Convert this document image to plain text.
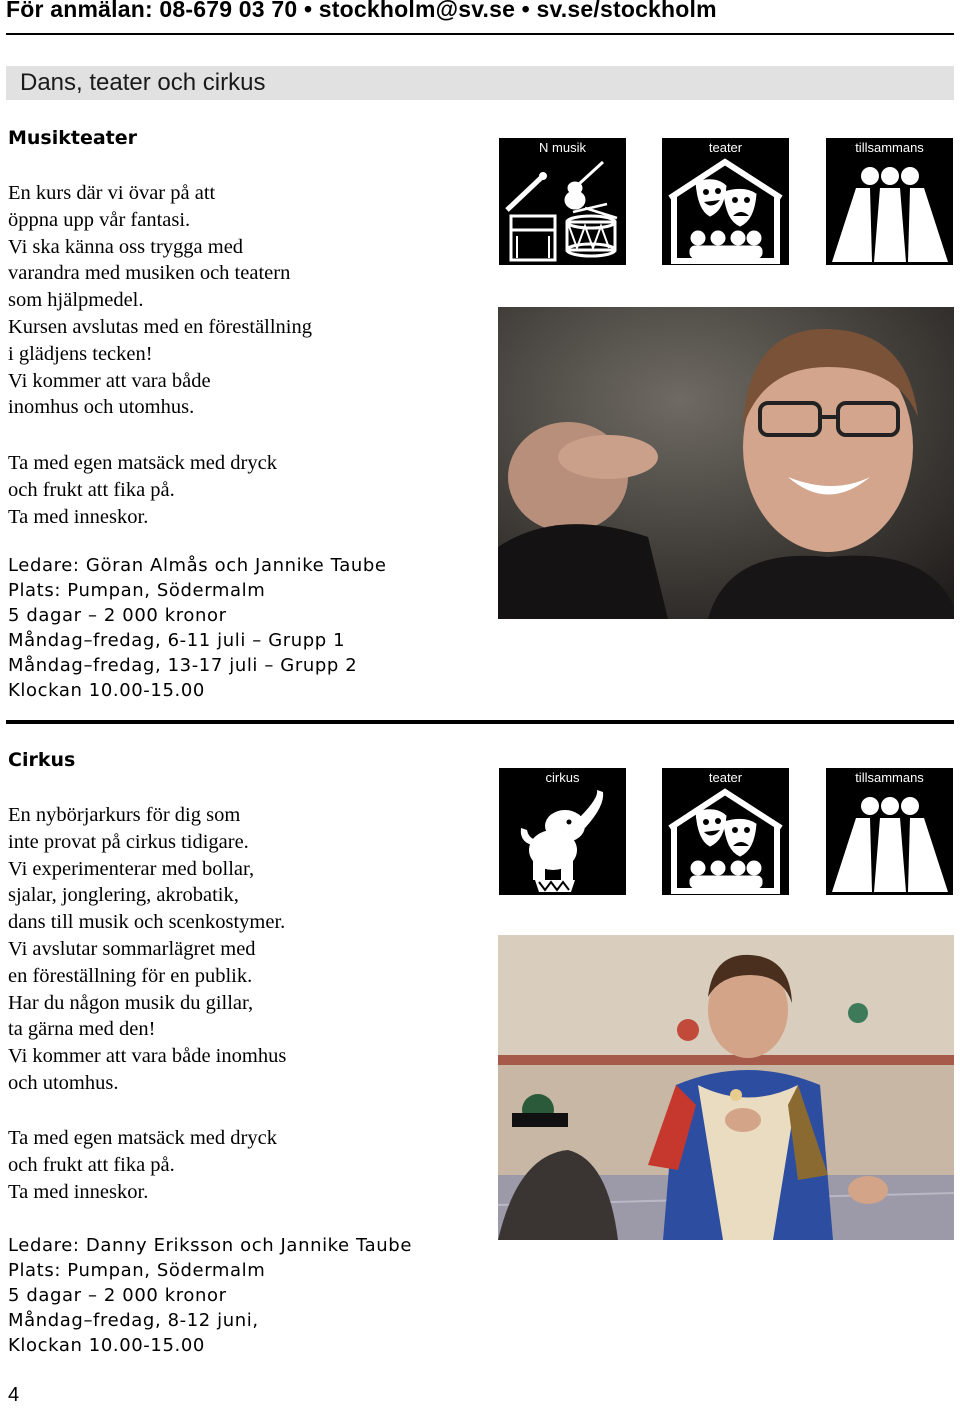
För anmälan: 08-679 03 70 • stockholm@sv.se • sv.se/stockholm
Dans, teater och cirkus
Musikteater
En kurs där vi övar på att
öppna upp vår fantasi.
Vi ska känna oss trygga med
varandra med musiken och teatern
som hjälpmedel.
Kursen avslutas med en föreställning
i glädjens tecken!
Vi kommer att vara både
inomhus och utomhus.
Ta med egen matsäck med dryck
och frukt att fika på.
Ta med inneskor.
Ledare: Göran Almås och Jannike Taube
Plats: Pumpan, Södermalm
5 dagar – 2 000 kronor
Måndag–fredag, 6-11 juli – Grupp 1
Måndag–fredag, 13-17 juli – Grupp 2
Klockan 10.00-15.00
N musik	teater	tillsammans
Cirkus
En nybörjarkurs för dig som
inte provat på cirkus tidigare.
Vi experimenterar med bollar,
sjalar, jonglering, akrobatik,
dans till musik och scenkostymer.
Vi avslutar sommarlägret med
en föreställning för en publik.
Har du någon musik du gillar,
ta gärna med den!
Vi kommer att vara både inomhus
och utomhus.
Ta med egen matsäck med dryck
och frukt att fika på.
Ta med inneskor.
Ledare: Danny Eriksson och Jannike Taube
Plats: Pumpan, Södermalm
5 dagar – 2 000 kronor
Måndag–fredag, 8-12 juni,
Klockan 10.00-15.00
cirkus	teater	tillsammans
4
